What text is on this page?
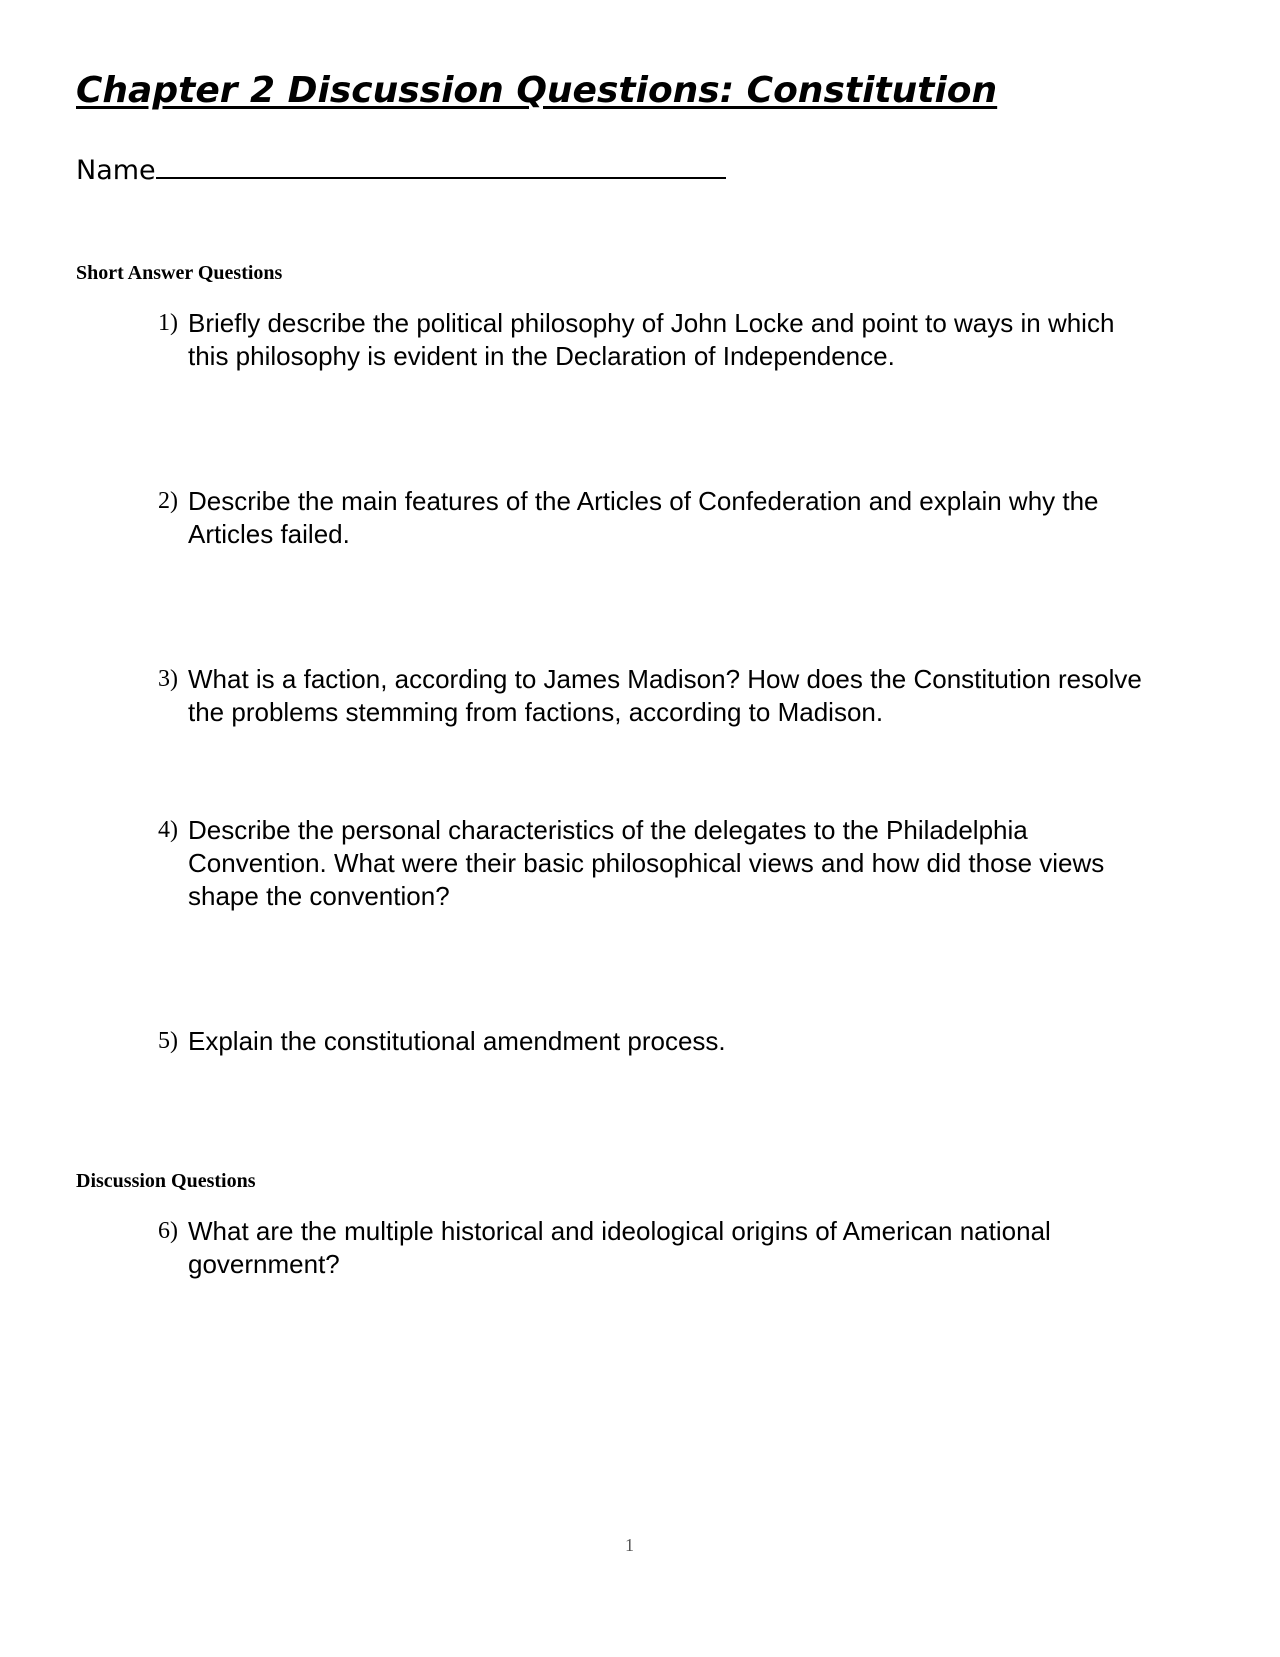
Chapter 2 Discussion Questions: Constitution
Name
Short Answer Questions
1) Briefly describe the political philosophy of John Locke and point to ways in which this philosophy is evident in the Declaration of Independence.
2) Describe the main features of the Articles of Confederation and explain why the Articles failed.
3) What is a faction, according to James Madison? How does the Constitution resolve the problems stemming from factions, according to Madison.
4) Describe the personal characteristics of the delegates to the Philadelphia Convention. What were their basic philosophical views and how did those views shape the convention?
5) Explain the constitutional amendment process.
Discussion Questions
6) What are the multiple historical and ideological origins of American national government?
1
